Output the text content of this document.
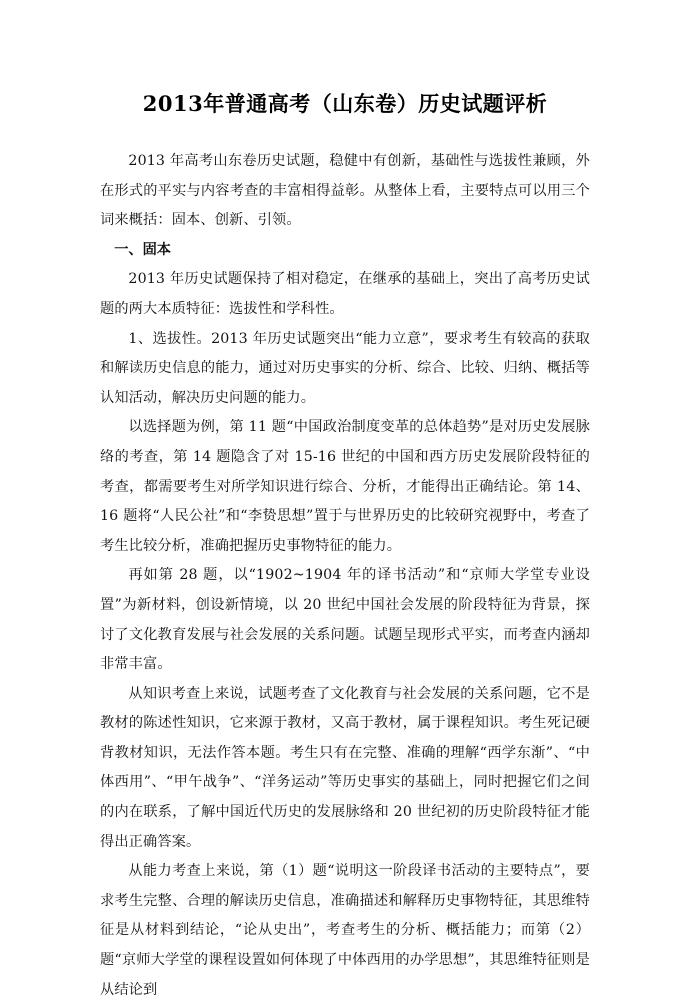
2013年普通高考（山东卷）历史试题评析

2013 年高考山东卷历史试题，稳健中有创新，基础性与选拔性兼顾，外在形式的平实与内容考查的丰富相得益彰。从整体上看，主要特点可以用三个词来概括：固本、创新、引领。

一、固本

2013 年历史试题保持了相对稳定，在继承的基础上，突出了高考历史试题的两大本质特征：选拔性和学科性。

1、选拔性。2013 年历史试题突出“能力立意”，要求考生有较高的获取和解读历史信息的能力，通过对历史事实的分析、综合、比较、归纳、概括等认知活动，解决历史问题的能力。

以选择题为例，第 11 题“中国政治制度变革的总体趋势”是对历史发展脉络的考查，第 14 题隐含了对 15-16 世纪的中国和西方历史发展阶段特征的考查，都需要考生对所学知识进行综合、分析，才能得出正确结论。第 14、16 题将“人民公社”和“李贽思想”置于与世界历史的比较研究视野中，考查了考生比较分析，准确把握历史事物特征的能力。

再如第 28 题，以“1902~1904 年的译书活动”和“京师大学堂专业设置”为新材料，创设新情境，以 20 世纪中国社会发展的阶段特征为背景，探讨了文化教育发展与社会发展的关系问题。试题呈现形式平实，而考查内涵却非常丰富。

从知识考查上来说，试题考查了文化教育与社会发展的关系问题，它不是教材的陈述性知识，它来源于教材，又高于教材，属于课程知识。考生死记硬背教材知识，无法作答本题。考生只有在完整、准确的理解“西学东渐”、“中体西用”、“甲午战争”、“洋务运动”等历史事实的基础上，同时把握它们之间的内在联系，了解中国近代历史的发展脉络和 20 世纪初的历史阶段特征才能得出正确答案。

从能力考查上来说，第（1）题“说明这一阶段译书活动的主要特点”，要求考生完整、合理的解读历史信息，准确描述和解释历史事物特征，其思维特征是从材料到结论，“论从史出”，考查考生的分析、概括能力；而第（2）题“京师大学堂的课程设置如何体现了中体西用的办学思想”，其思维特征则是从结论到
